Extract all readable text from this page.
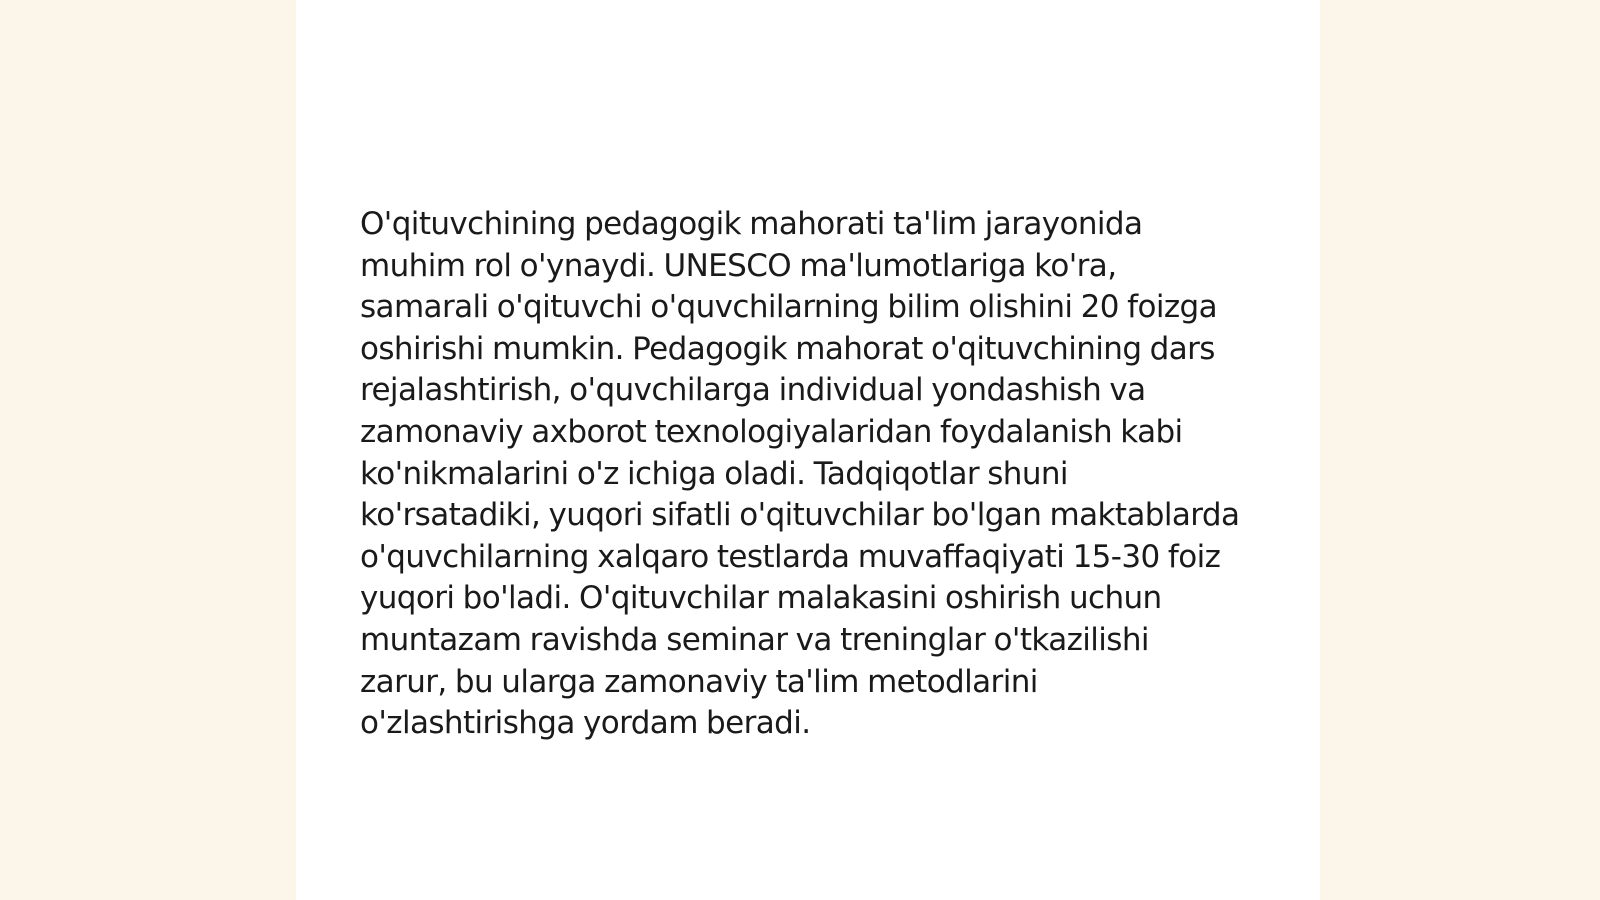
O'qituvchining pedagogik mahorati ta'lim jarayonida muhim rol o'ynaydi. UNESCO ma'lumotlariga ko'ra, samarali o'qituvchi o'quvchilarning bilim olishini 20 foizga oshirishi mumkin. Pedagogik mahorat o'qituvchining dars rejalashtirish, o'quvchilarga individual yondashish va zamonaviy axborot texnologiyalaridan foydalanish kabi ko'nikmalarini o'z ichiga oladi. Tadqiqotlar shuni ko'rsatadiki, yuqori sifatli o'qituvchilar bo'lgan maktablarda o'quvchilarning xalqaro testlarda muvaffaqiyati 15-30 foiz yuqori bo'ladi. O'qituvchilar malakasini oshirish uchun muntazam ravishda seminar va treninglar o'tkazilishi zarur, bu ularga zamonaviy ta'lim metodlarini o'zlashtirishga yordam beradi.
